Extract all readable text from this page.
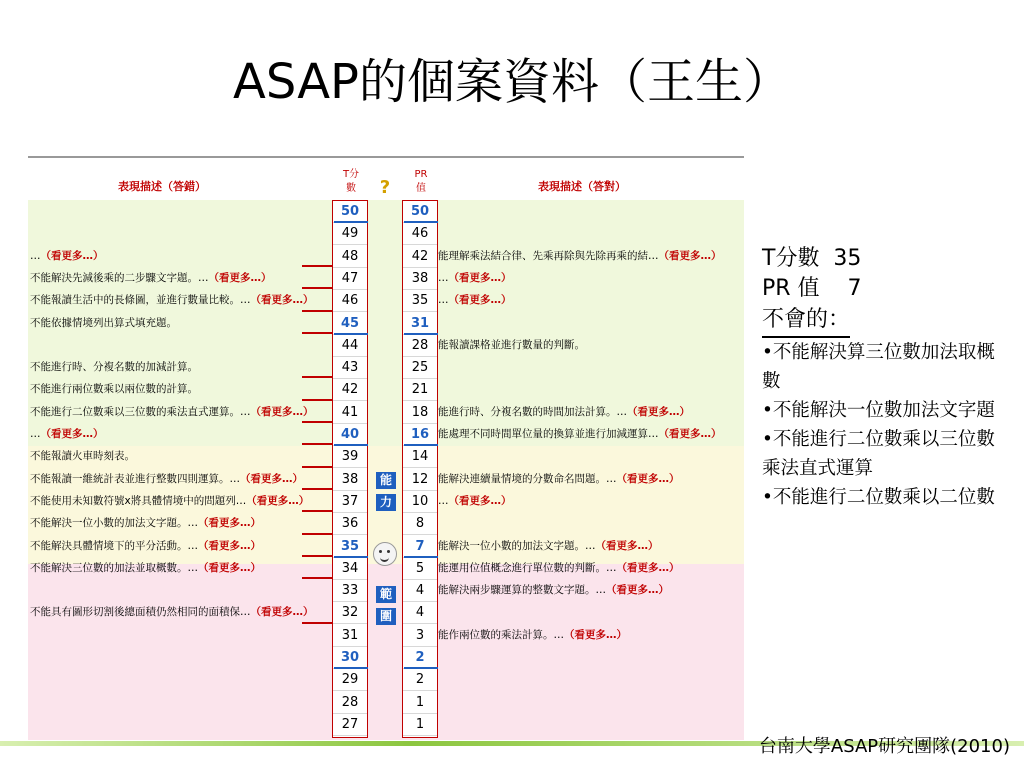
ASAP的個案資料（王生）
表現描述（答錯）
T分
數	?
PR
值	表現描述（答對）
50
49
48
47
46
45
44
43
42
41
40
39
38
37
36
35
34
33
32
31
30
29
28
27
50
46
42
38
35
31
28
25
21
18
16
14
12
10
8
7
5
4
4
3
2
2
1
1
能
力
範
圍
…（看更多…）
不能解決先減後乘的二步驟文字題。…（看更多…）
不能報讀生活中的長條圖，並進行數量比較。…（看更多…）
不能依據情境列出算式填充題。
不能進行時、分複名數的加減計算。
不能進行兩位數乘以兩位數的計算。
不能進行二位數乘以三位數的乘法直式運算。…（看更多…）
…（看更多…）
不能報讀火車時刻表。
不能報讀一維統計表並進行整數四則運算。…（看更多…）
不能使用未知數符號x將具體情境中的問題列…（看更多…）
不能解決一位小數的加法文字題。…（看更多…）
不能解決具體情境下的平分活動。…（看更多…）
不能解決三位數的加法並取概數。…（看更多…）
不能具有圖形切割後總面積仍然相同的面積保…（看更多…）
能理解乘法結合律、先乘再除與先除再乘的結…（看更多…）
…（看更多…）
…（看更多…）
能報讀課格並進行數量的判斷。
能進行時、分複名數的時間加法計算。…（看更多…）
能處理不同時間單位量的換算並進行加減運算…（看更多…）
能解決連續量情境的分數命名問題。…（看更多…）
…（看更多…）
能解決一位小數的加法文字題。…（看更多…）
能運用位值概念進行單位數的判斷。…（看更多…）
能解決兩步驟運算的整數文字題。…（看更多…）
能作兩位數的乘法計算。…（看更多…）
T分數  35
PR 值    7
不會的：
•不能解決算三位數加法取概數
•不能解決一位數加法文字題
•不能進行二位數乘以三位數乘法直式運算
•不能進行二位數乘以二位數
台南大學ASAP研究團隊(2010)
